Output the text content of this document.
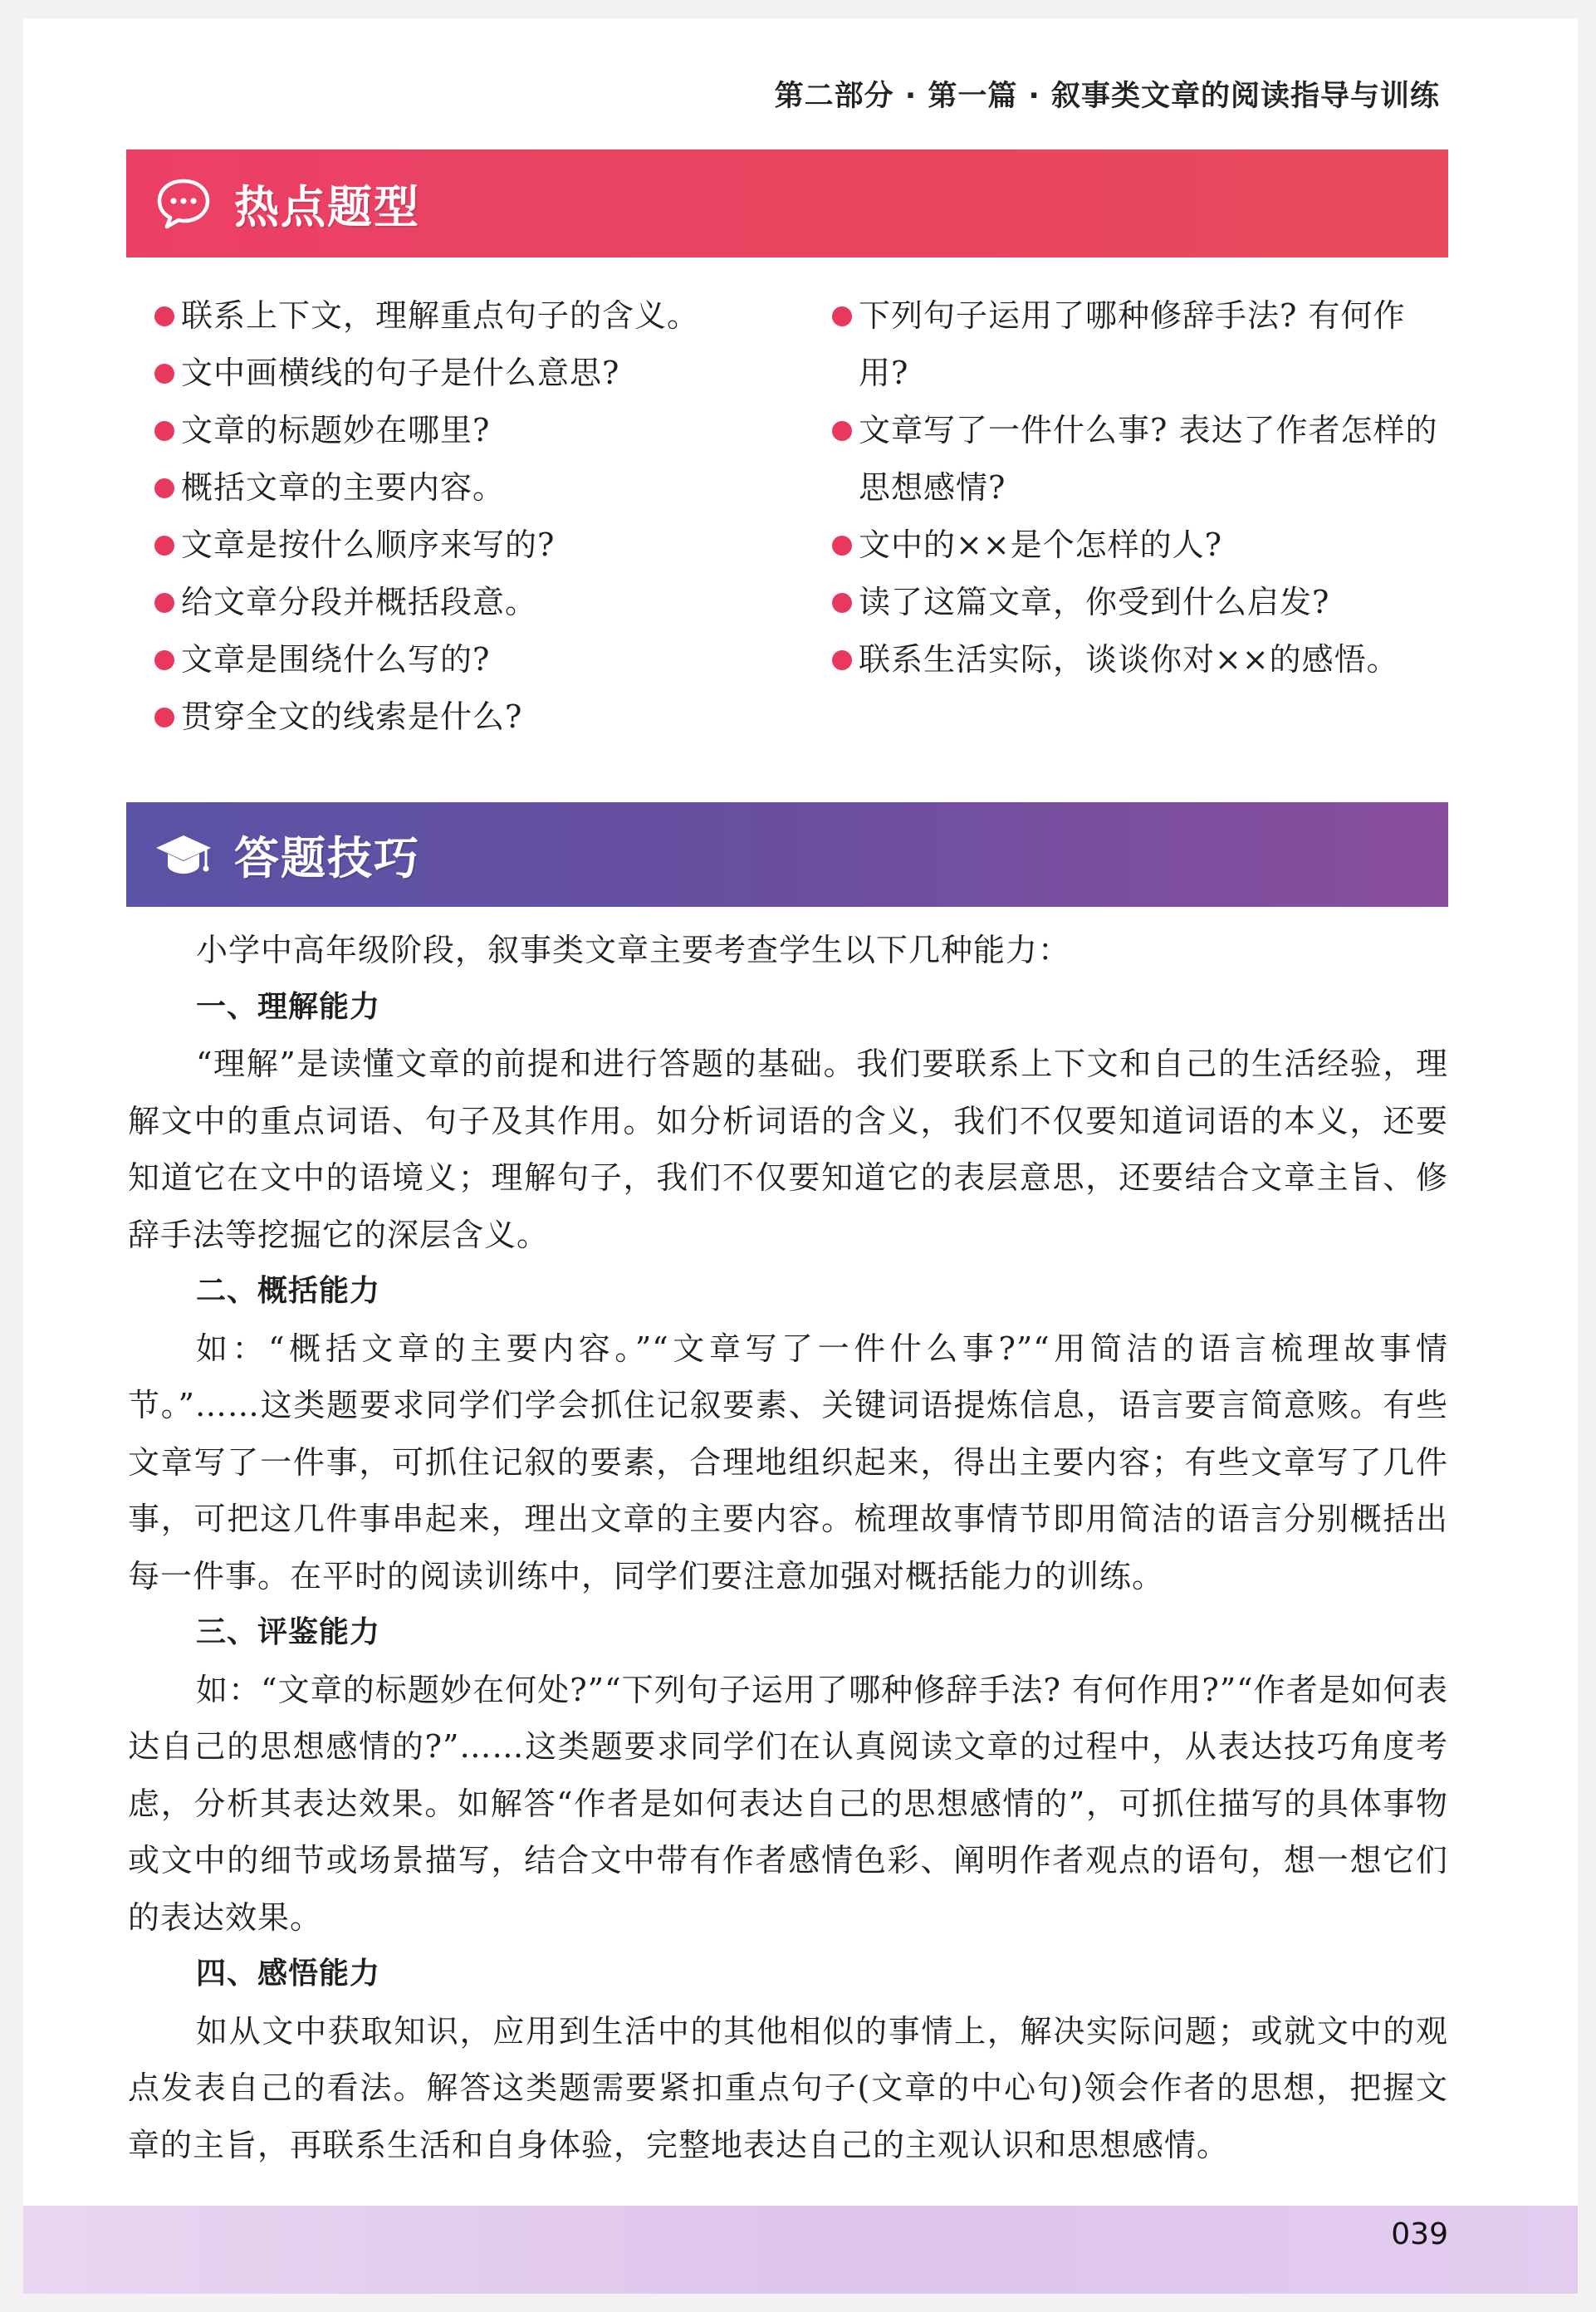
第二部分 · 第一篇 · 叙事类文章的阅读指导与训练
热点题型
联系上下文，理解重点句子的含义。
文中画横线的句子是什么意思?
文章的标题妙在哪里?
概括文章的主要内容。
文章是按什么顺序来写的?
给文章分段并概括段意。
文章是围绕什么写的?
贯穿全文的线索是什么?
下列句子运用了哪种修辞手法? 有何作用?
文章写了一件什么事? 表达了作者怎样的思想感情?
文中的××是个怎样的人?
读了这篇文章，你受到什么启发?
联系生活实际，谈谈你对××的感悟。
答题技巧

小学中高年级阶段，叙事类文章主要考查学生以下几种能力：

一、理解能力

“理解”是读懂文章的前提和进行答题的基础。我们要联系上下文和自己的生活经验，理解文中的重点词语、句子及其作用。如分析词语的含义，我们不仅要知道词语的本义，还要知道它在文中的语境义；理解句子，我们不仅要知道它的表层意思，还要结合文章主旨、修辞手法等挖掘它的深层含义。

二、概括能力

如：“概括文章的主要内容。”“文章写了一件什么事?”“用简洁的语言梳理故事情节。”……这类题要求同学们学会抓住记叙要素、关键词语提炼信息，语言要言简意赅。有些文章写了一件事，可抓住记叙的要素，合理地组织起来，得出主要内容；有些文章写了几件事，可把这几件事串起来，理出文章的主要内容。梳理故事情节即用简洁的语言分别概括出每一件事。在平时的阅读训练中，同学们要注意加强对概括能力的训练。

三、评鉴能力

如：“文章的标题妙在何处?”“下列句子运用了哪种修辞手法? 有何作用?”“作者是如何表达自己的思想感情的?”……这类题要求同学们在认真阅读文章的过程中，从表达技巧角度考虑，分析其表达效果。如解答“作者是如何表达自己的思想感情的”，可抓住描写的具体事物或文中的细节或场景描写，结合文中带有作者感情色彩、阐明作者观点的语句，想一想它们的表达效果。

四、感悟能力

如从文中获取知识，应用到生活中的其他相似的事情上，解决实际问题；或就文中的观点发表自己的看法。解答这类题需要紧扣重点句子(文章的中心句)领会作者的思想，把握文章的主旨，再联系生活和自身体验，完整地表达自己的主观认识和思想感情。

039
